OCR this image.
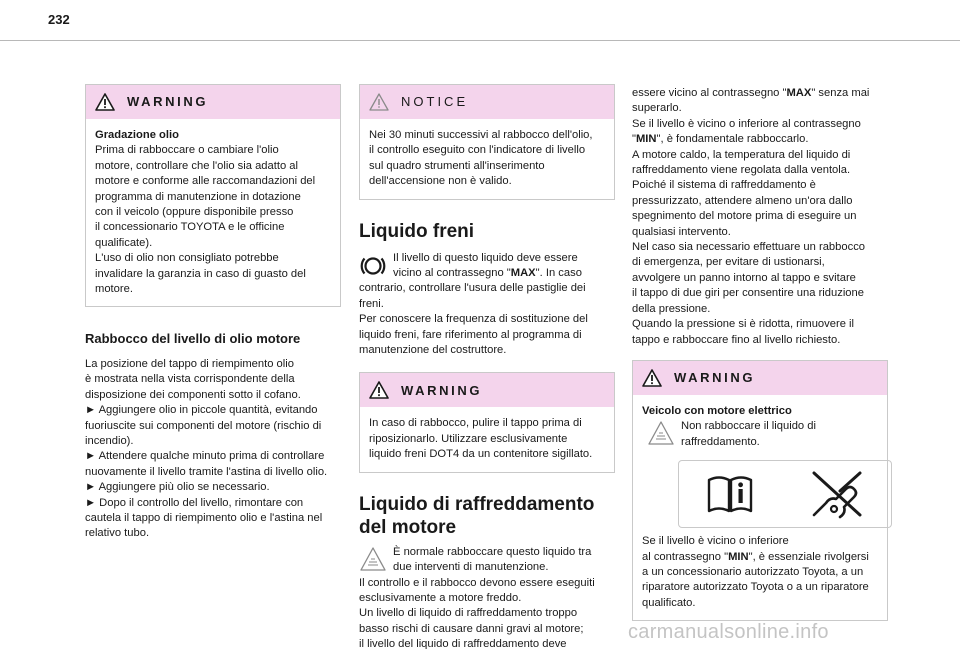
232
WARNING
Gradazione olio
Prima di rabboccare o cambiare l'olio
motore, controllare che l'olio sia adatto al
motore e conforme alle raccomandazioni del
programma di manutenzione in dotazione
con il veicolo (oppure disponibile presso
il concessionario TOYOTA e le officine
qualificate).
L'uso di olio non consigliato potrebbe
invalidare la garanzia in caso di guasto del
motore.
Rabbocco del livello di olio motore
La posizione del tappo di riempimento olio
è mostrata nella vista corrispondente della
disposizione dei componenti sotto il cofano.
► Aggiungere olio in piccole quantità, evitando
fuoriuscite sui componenti del motore (rischio di
incendio).
► Attendere qualche minuto prima di controllare
nuovamente il livello tramite l'astina di livello olio.
► Aggiungere più olio se necessario.
► Dopo il controllo del livello, rimontare con
cautela il tappo di riempimento olio e l'astina nel
relativo tubo.
NOTICE
Nei 30 minuti successivi al rabbocco dell'olio,
il controllo eseguito con l'indicatore di livello
sul quadro strumenti all'inserimento
dell'accensione non è valido.
Liquido freni
Il livello di questo liquido deve essere
vicino al contrassegno "MAX". In caso
contrario, controllare l'usura delle pastiglie dei
freni.
Per conoscere la frequenza di sostituzione del
liquido freni, fare riferimento al programma di
manutenzione del costruttore.
WARNING
In caso di rabbocco, pulire il tappo prima di
riposizionarlo. Utilizzare esclusivamente
liquido freni DOT4 da un contenitore sigillato.
Liquido di raffreddamento
del motore
È normale rabboccare questo liquido tra
due interventi di manutenzione.
Il controllo e il rabbocco devono essere eseguiti
esclusivamente a motore freddo.
Un livello di liquido di raffreddamento troppo
basso rischi di causare danni gravi al motore;
il livello del liquido di raffreddamento deve
essere vicino al contrassegno "MAX" senza mai
superarlo.
Se il livello è vicino o inferiore al contrassegno
"MIN", è fondamentale rabboccarlo.
A motore caldo, la temperatura del liquido di
raffreddamento viene regolata dalla ventola.
Poiché il sistema di raffreddamento è
pressurizzato, attendere almeno un'ora dallo
spegnimento del motore prima di eseguire un
qualsiasi intervento.
Nel caso sia necessario effettuare un rabbocco
di emergenza, per evitare di ustionarsi,
avvolgere un panno intorno al tappo e svitare
il tappo di due giri per consentire una riduzione
della pressione.
Quando la pressione si è ridotta, rimuovere il
tappo e rabboccare fino al livello richiesto.
WARNING
Veicolo con motore elettrico
Non rabboccare il liquido di
raffreddamento.
Se il livello è vicino o inferiore
al contrassegno "MIN", è essenziale rivolgersi
a un concessionario autorizzato Toyota, a un
riparatore autorizzato Toyota o a un riparatore
qualificato.
carmanualsonline.info
